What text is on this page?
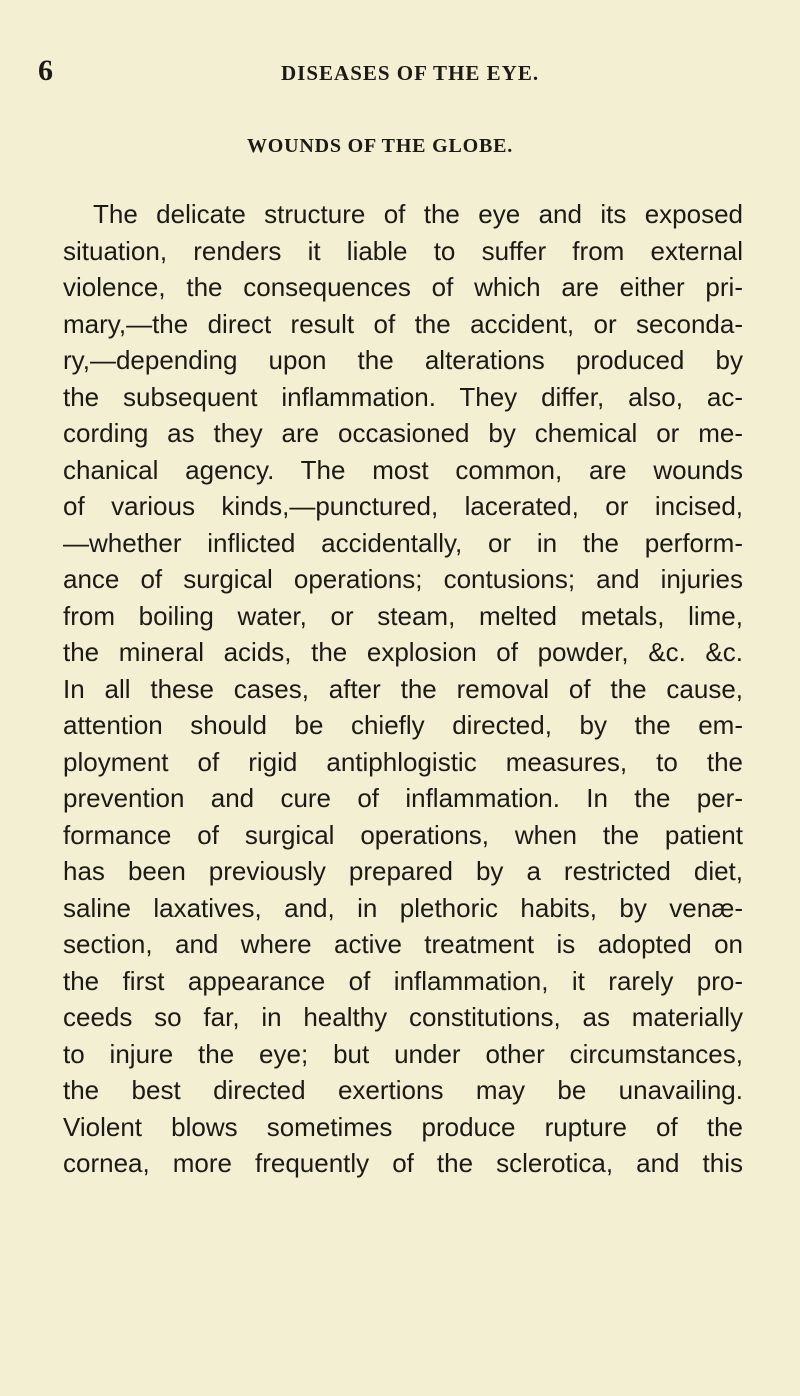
6	DISEASES OF THE EYE.
WOUNDS OF THE GLOBE.
The delicate structure of the eye and its exposed
situation, renders it liable to suffer from external
violence, the consequences of which are either pri-
mary,—the direct result of the accident, or seconda-
ry,—depending upon the alterations produced by
the subsequent inflammation. They differ, also, ac-
cording as they are occasioned by chemical or me-
chanical agency. The most common, are wounds
of various kinds,—punctured, lacerated, or incised,
—whether inflicted accidentally, or in the perform-
ance of surgical operations; contusions; and injuries
from boiling water, or steam, melted metals, lime,
the mineral acids, the explosion of powder, &c. &c.
In all these cases, after the removal of the cause,
attention should be chiefly directed, by the em-
ployment of rigid antiphlogistic measures, to the
prevention and cure of inflammation. In the per-
formance of surgical operations, when the patient
has been previously prepared by a restricted diet,
saline laxatives, and, in plethoric habits, by venæ-
section, and where active treatment is adopted on
the first appearance of inflammation, it rarely pro-
ceeds so far, in healthy constitutions, as materially
to injure the eye; but under other circumstances,
the best directed exertions may be unavailing.
Violent blows sometimes produce rupture of the
cornea, more frequently of the sclerotica, and this
